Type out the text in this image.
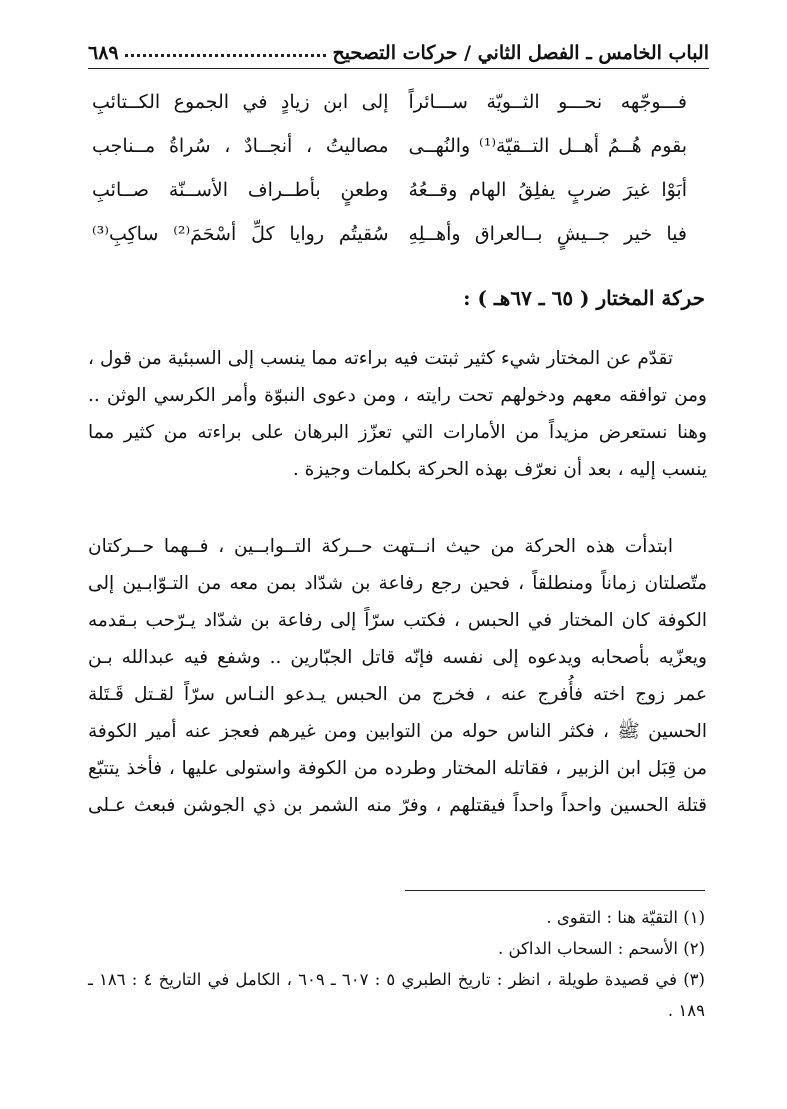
الباب الخامس ـ الفصل الثاني / حركات التصحيح
٦٨٩
فـــوجّهه نحـــو الثــويّة ســـائراً
إلى ابن زيادٍ في الجموع الكــتائبِ
بقوم هُــمُ أهــل التــقيّة⁽¹⁾ والنُهــى
مصاليتُ ، أنجــادٌ ، سُراةُ مــناجب
أبَوْا غيرَ ضربٍ يفلِقُ الهام وقــعُهُ
وطعنٍ بأطــراف الأســنّة صــائبِ
فيا خير جــيشٍ بــالعراق وأهــلِهِ
سُقيتُم روايا كلِّ أسْحَمَ⁽²⁾ ساكِبِ⁽³⁾
حركة المختار ( ٦٥ ـ ٦٧هـ ) :
تقدّم عن المختار شيء كثير ثبتت فيه براءته مما ينسب إلى السبئية من قول ،
ومن توافقه معهم ودخولهم تحت رايته ، ومن دعوى النبوّة وأمر الكرسي الوثن ..
وهنا نستعرض مزيداً من الأمارات التي تعزّز البرهان على براءته من كثير مما
ينسب إليه ، بعد أن نعرّف بهذه الحركة بكلمات وجيزة .
ابتدأت هذه الحركة من حيث انــتهت حــركة التــوابــين ، فــهما حــركتان
متّصلتان زماناً ومنطلقاً ، فحين رجع رفاعة بن شدّاد بمن معه من التـوّابـين إلى
الكوفة كان المختار في الحبس ، فكتب سرّاً إلى رفاعة بن شدّاد يـرّحب بـقدمه
ويعزّيه بأصحابه ويدعوه إلى نفسه فإنّه قاتل الجبّارين .. وشفع فيه عبدالله بـن
عمر زوج اخته فأُفرج عنه ، فخرج من الحبس يـدعو النـاس سرّاً لقـتل قَـتَلة
الحسين ﷺ ، فكثر الناس حوله من التوابين ومن غيرهم فعجز عنه أمير الكوفة
من قِبَل ابن الزبير ، فقاتله المختار وطرده من الكوفة واستولى عليها ، فأخذ يتتبّع
قتلة الحسين واحداً واحداً فيقتلهم ، وفرّ منه الشمر بن ذي الجوشن فبعث عـلى
(١) التقيّة هنا : التقوى .
(٢) الأسحم : السحاب الداكن .
(٣) في قصيدة طويلة ، انظر : تاريخ الطبري ٥ : ٦٠٧ ـ ٦٠٩ ، الكامل في التاريخ ٤ : ١٨٦ ـ
١٨٩ .
